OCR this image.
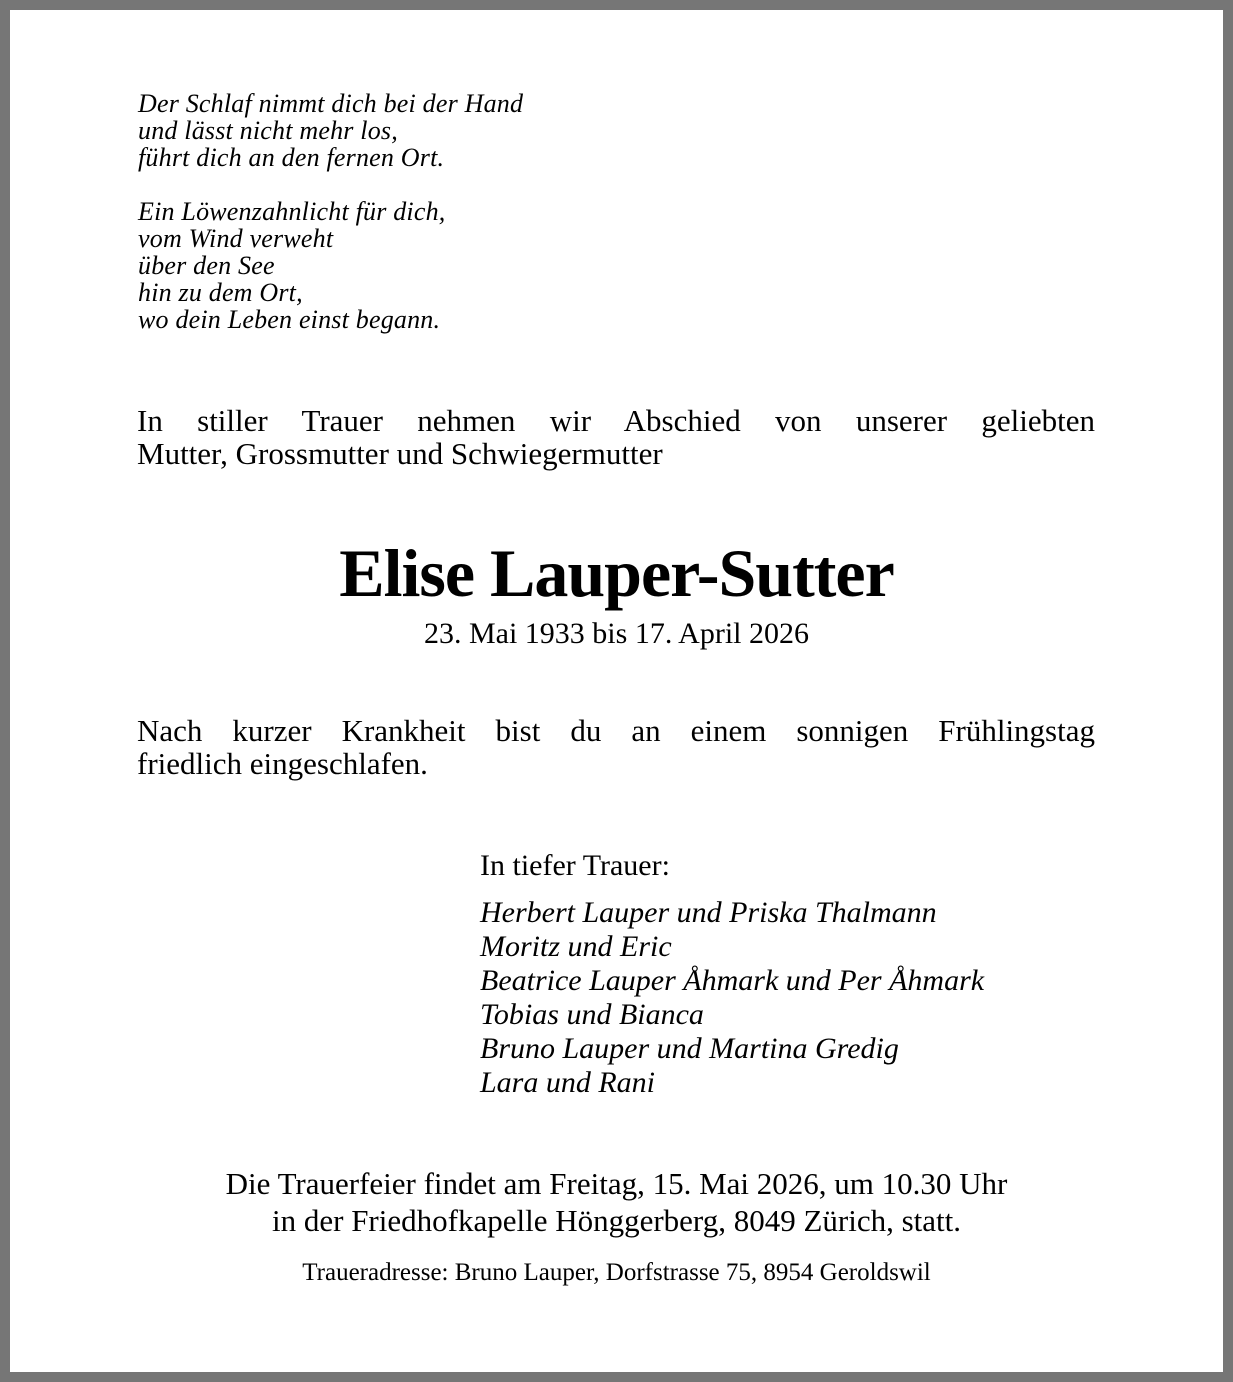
Der Schlaf nimmt dich bei der Hand
und lässt nicht mehr los,
führt dich an den fernen Ort.
Ein Löwenzahnlicht für dich,
vom Wind verweht
über den See
hin zu dem Ort,
wo dein Leben einst begann.
In stiller Trauer nehmen wir Abschied von unserer geliebten
Mutter, Grossmutter und Schwiegermutter
Elise Lauper-Sutter
23. Mai 1933 bis 17. April 2026
Nach kurzer Krankheit bist du an einem sonnigen Frühlingstag
friedlich eingeschlafen.
In tiefer Trauer:
Herbert Lauper und Priska Thalmann
Moritz und Eric
Beatrice Lauper Åhmark und Per Åhmark
Tobias und Bianca
Bruno Lauper und Martina Gredig
Lara und Rani
Die Trauerfeier findet am Freitag, 15. Mai 2026, um 10.30 Uhr
in der Friedhofkapelle Hönggerberg, 8049 Zürich, statt.
Traueradresse: Bruno Lauper, Dorfstrasse 75, 8954 Geroldswil
